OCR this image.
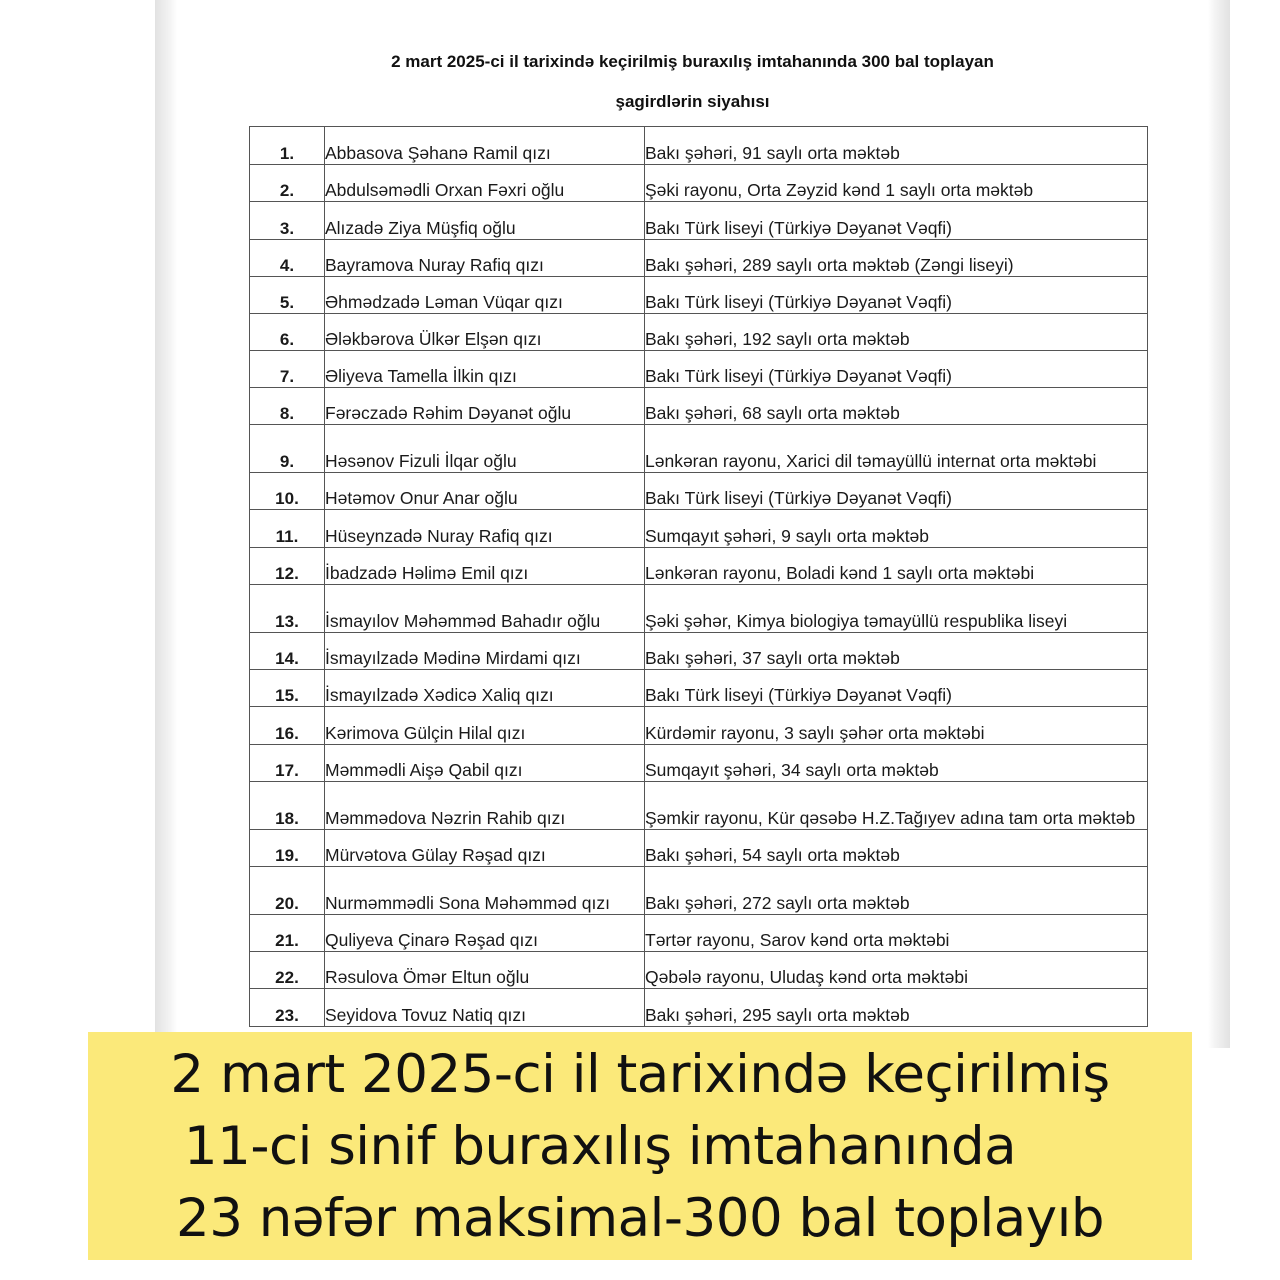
2 mart 2025-ci il tarixində keçirilmiş buraxılış imtahanında 300 bal toplayan
şagirdlərin siyahısı
1.	Abbasova Şəhanə Ramil qızı	Bakı şəhəri, 91 saylı orta məktəb
2.	Abdulsəmədli Orxan Fəxri oğlu	Şəki rayonu, Orta Zəyzid kənd 1 saylı orta məktəb
3.	Alızadə Ziya Müşfiq oğlu	Bakı Türk liseyi (Türkiyə Dəyanət Vəqfi)
4.	Bayramova Nuray Rafiq qızı	Bakı şəhəri, 289 saylı orta məktəb (Zəngi liseyi)
5.	Əhmədzadə Ləman Vüqar qızı	Bakı Türk liseyi (Türkiyə Dəyanət Vəqfi)
6.	Ələkbərova Ülkər Elşən qızı	Bakı şəhəri, 192 saylı orta məktəb
7.	Əliyeva Tamella İlkin qızı	Bakı Türk liseyi (Türkiyə Dəyanət Vəqfi)
8.	Fərəczadə Rəhim Dəyanət oğlu	Bakı şəhəri, 68 saylı orta məktəb
9.	Həsənov Fizuli İlqar oğlu	Lənkəran rayonu, Xarici dil təmayüllü internat orta məktəbi
10.	Hətəmov Onur Anar oğlu	Bakı Türk liseyi (Türkiyə Dəyanət Vəqfi)
11.	Hüseynzadə Nuray Rafiq qızı	Sumqayıt şəhəri, 9 saylı orta məktəb
12.	İbadzadə Həlimə Emil qızı	Lənkəran rayonu, Boladi kənd 1 saylı orta məktəbi
13.	İsmayılov Məhəmməd Bahadır oğlu	Şəki şəhər, Kimya biologiya təmayüllü respublika liseyi
14.	İsmayılzadə Mədinə Mirdami qızı	Bakı şəhəri, 37 saylı orta məktəb
15.	İsmayılzadə Xədicə Xaliq qızı	Bakı Türk liseyi (Türkiyə Dəyanət Vəqfi)
16.	Kərimova Gülçin Hilal qızı	Kürdəmir rayonu, 3 saylı şəhər orta məktəbi
17.	Məmmədli Aişə Qabil qızı	Sumqayıt şəhəri, 34 saylı orta məktəb
18.	Məmmədova Nəzrin Rahib qızı	Şəmkir rayonu, Kür qəsəbə H.Z.Tağıyev adına tam orta məktəb
19.	Mürvətova Gülay Rəşad qızı	Bakı şəhəri, 54 saylı orta məktəb
20.	Nurməmmədli Sona Məhəmməd qızı	Bakı şəhəri, 272 saylı orta məktəb
21.	Quliyeva Çinarə Rəşad qızı	Tərtər rayonu, Sarov kənd orta məktəbi
22.	Rəsulova Ömər Eltun oğlu	Qəbələ rayonu, Uludaş kənd orta məktəbi
23.	Seyidova Tovuz Natiq qızı	Bakı şəhəri, 295 saylı orta məktəb
2 mart 2025-ci il tarixində keçirilmiş
11-ci sinif buraxılış imtahanında
23 nəfər maksimal-300 bal toplayıb
